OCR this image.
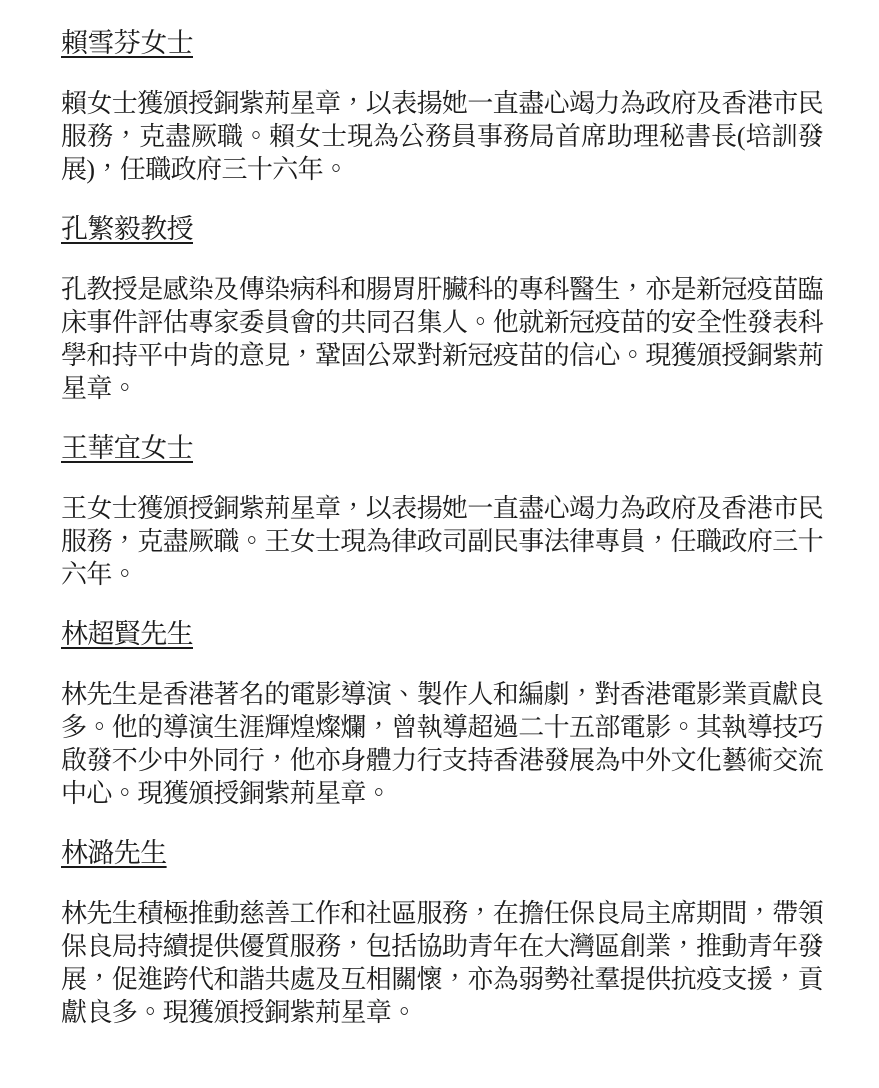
賴雪芬女士

賴女士獲頒授銅紫荊星章，以表揚她一直盡心竭力為政府及香港市民服務，克盡厥職。賴女士現為公務員事務局首席助理秘書長(培訓發展)，任職政府三十六年。

孔繁毅教授

孔教授是感染及傳染病科和腸胃肝臟科的專科醫生，亦是新冠疫苗臨床事件評估專家委員會的共同召集人。他就新冠疫苗的安全性發表科學和持平中肯的意見，鞏固公眾對新冠疫苗的信心。現獲頒授銅紫荊星章。

王華宜女士

王女士獲頒授銅紫荊星章，以表揚她一直盡心竭力為政府及香港市民服務，克盡厥職。王女士現為律政司副民事法律專員，任職政府三十六年。

林超賢先生

林先生是香港著名的電影導演、製作人和編劇，對香港電影業貢獻良多。他的導演生涯輝煌燦爛，曾執導超過二十五部電影。其執導技巧啟發不少中外同行，他亦身體力行支持香港發展為中外文化藝術交流中心。現獲頒授銅紫荊星章。

林潞先生

林先生積極推動慈善工作和社區服務，在擔任保良局主席期間，帶領保良局持續提供優質服務，包括協助青年在大灣區創業，推動青年發展，促進跨代和諧共處及互相關懷，亦為弱勢社羣提供抗疫支援，貢獻良多。現獲頒授銅紫荊星章。
